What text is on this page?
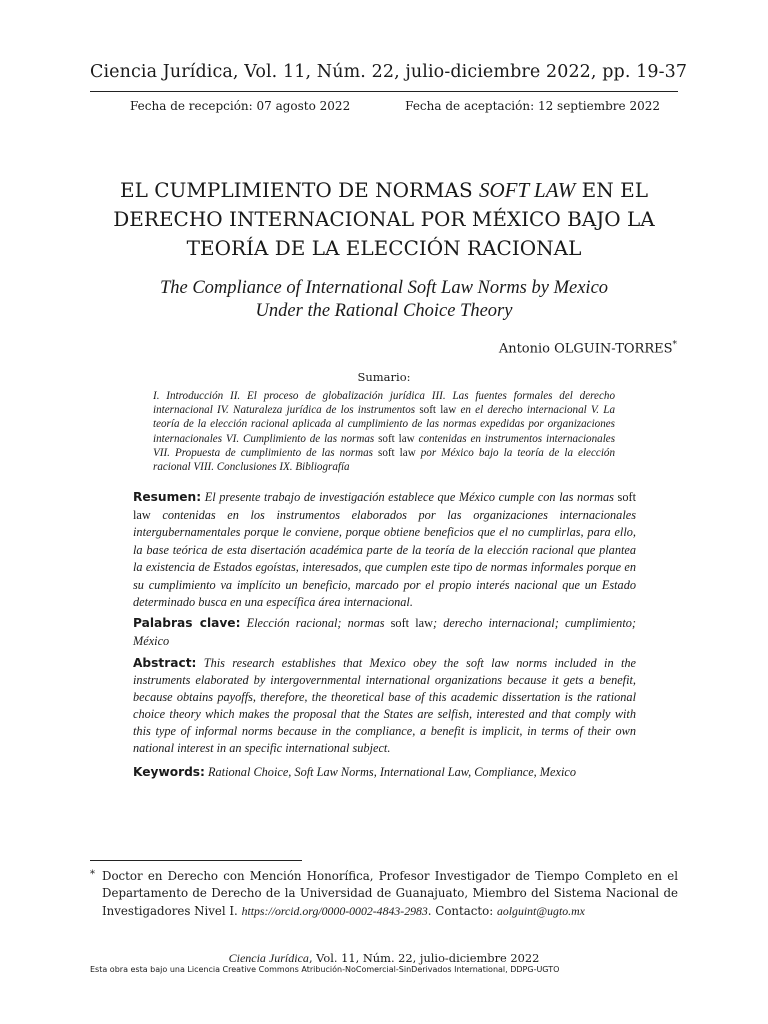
Ciencia Jurídica, Vol. 11, Núm. 22, julio-diciembre 2022, pp. 19-37
Fecha de recepción: 07 agosto 2022	Fecha de aceptación: 12 septiembre 2022
EL CUMPLIMIENTO DE NORMAS SOFT LAW EN EL DERECHO INTERNACIONAL POR MÉXICO BAJO LA TEORÍA DE LA ELECCIÓN RACIONAL
The Compliance of International Soft Law Norms by Mexico
Under the Rational Choice Theory
Antonio OLGUIN-TORRES*
Sumario:
I. Introducción II. El proceso de globalización jurídica III. Las fuentes formales del derecho internacional IV. Naturaleza jurídica de los instrumentos soft law en el derecho internacional V. La teoría de la elección racional aplicada al cumplimiento de las normas expedidas por organizaciones internacionales VI. Cumplimiento de las normas soft law contenidas en instrumentos internacionales VII. Propuesta de cumplimiento de las normas soft law por México bajo la teoría de la elección racional VIII. Conclusiones IX. Bibliografía
Resumen: El presente trabajo de investigación establece que México cumple con las normas soft law contenidas en los instrumentos elaborados por las organizaciones internacionales intergubernamentales porque le conviene, porque obtiene beneficios que el no cumplirlas, para ello, la base teórica de esta disertación académica parte de la teoría de la elección racional que plantea la existencia de Estados egoístas, interesados, que cumplen este tipo de normas informales porque en su cumplimiento va implícito un beneficio, marcado por el propio interés nacional que un Estado determinado busca en una específica área internacional.
Palabras clave: Elección racional; normas soft law; derecho internacional; cumplimiento; México
Abstract: This research establishes that Mexico obey the soft law norms included in the instruments elaborated by intergovernmental international organizations because it gets a benefit, because obtains payoffs, therefore, the theoretical base of this academic dissertation is the rational choice theory which makes the proposal that the States are selfish, interested and that comply with this type of informal norms because in the compliance, a benefit is implicit, in terms of their own national interest in an specific international subject.
Keywords: Rational Choice, Soft Law Norms, International Law, Compliance, Mexico
* Doctor en Derecho con Mención Honorífica, Profesor Investigador de Tiempo Completo en el Departamento de Derecho de la Universidad de Guanajuato, Miembro del Sistema Nacional de Investigadores Nivel I. https://orcid.org/0000-0002-4843-2983. Contacto: aolguint@ugto.mx
Ciencia Jurídica, Vol. 11, Núm. 22, julio-diciembre 2022
Esta obra esta bajo una Licencia Creative Commons Atribución-NoComercial-SinDerivados International, DDPG-UGTO
